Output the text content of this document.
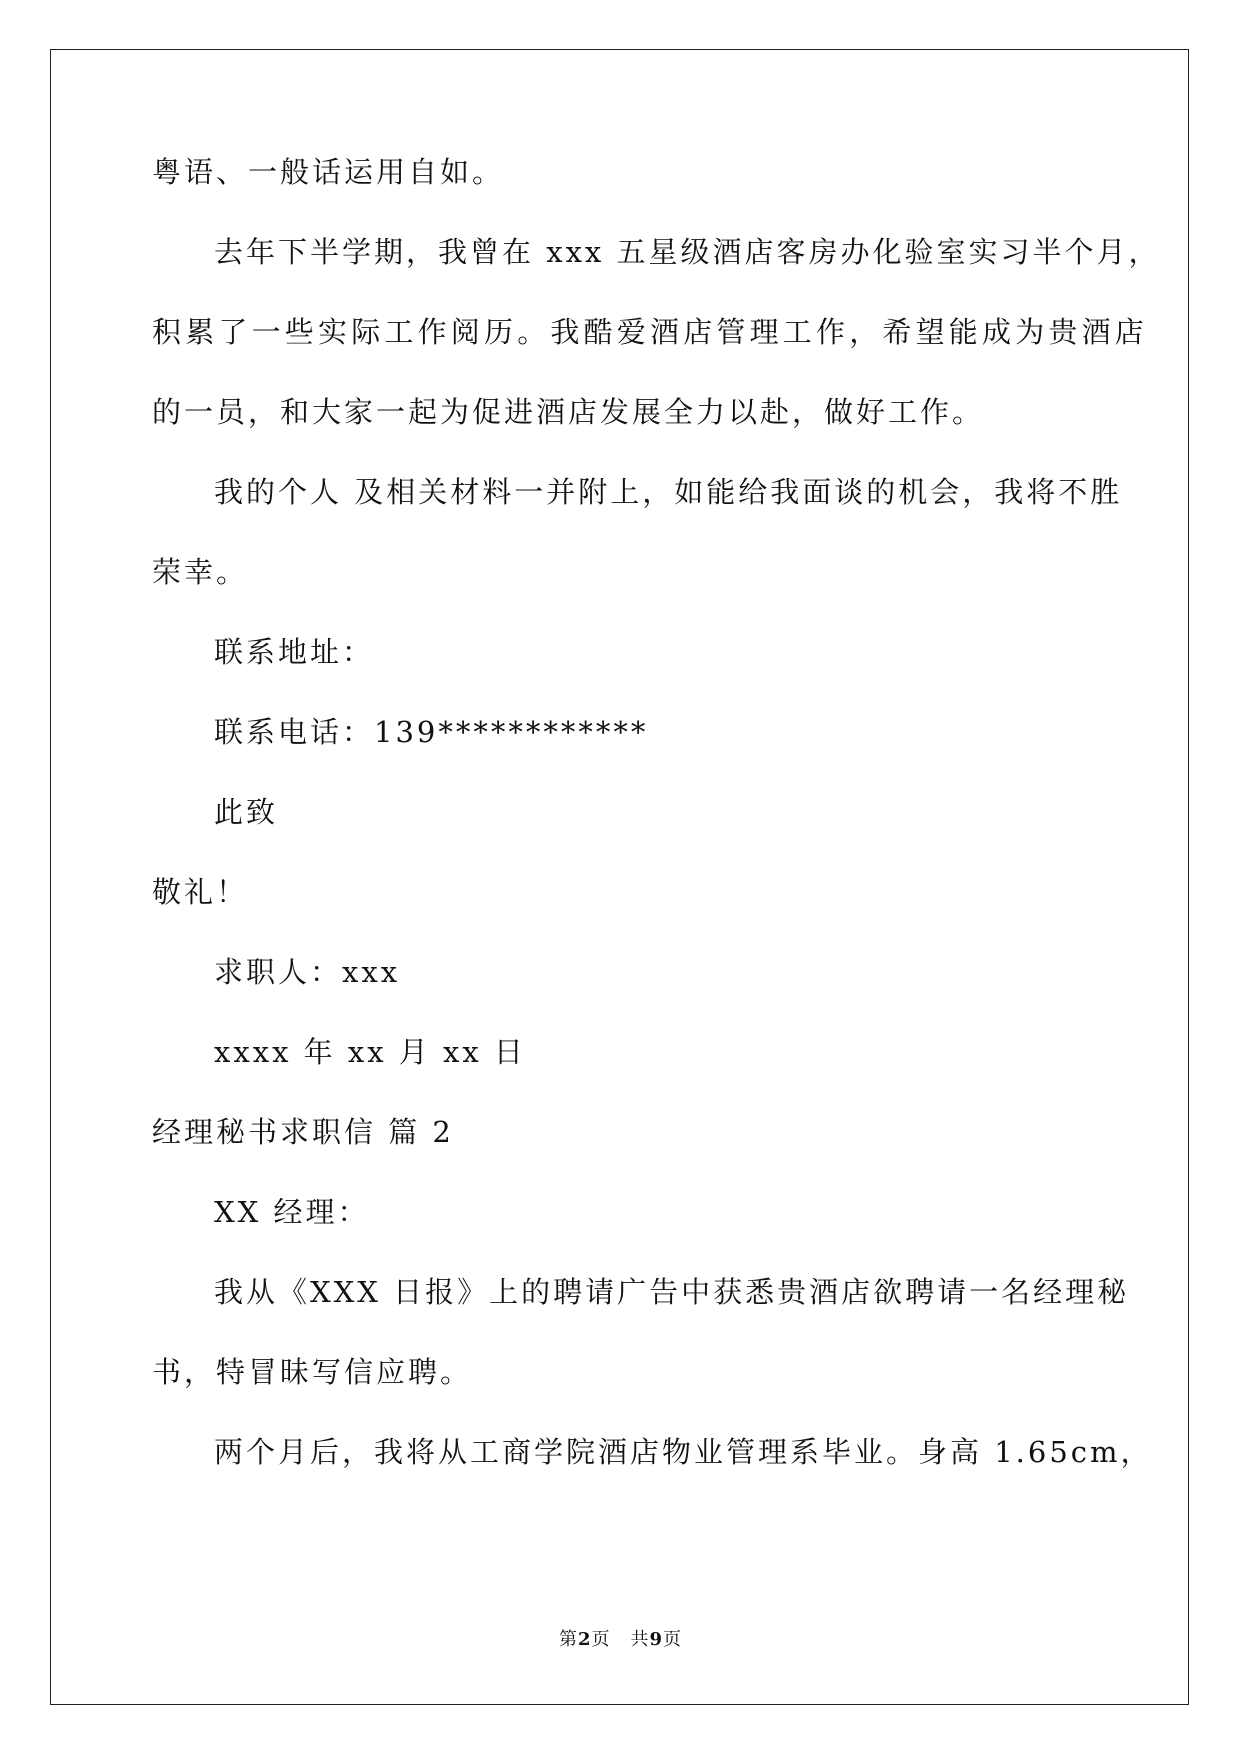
粤语、一般话运用自如。
去年下半学期，我曾在 xxx 五星级酒店客房办化验室实习半个月，
积累了一些实际工作阅历。我酷爱酒店管理工作，希望能成为贵酒店
的一员，和大家一起为促进酒店发展全力以赴，做好工作。
我的个人 及相关材料一并附上，如能给我面谈的机会，我将不胜
荣幸。
联系地址：
联系电话：139************
此致
敬礼！
求职人：xxx
xxxx 年 xx 月 xx 日
经理秘书求职信 篇 2
XX 经理：
我从《XXX 日报》上的聘请广告中获悉贵酒店欲聘请一名经理秘
书，特冒昧写信应聘。
两个月后，我将从工商学院酒店物业管理系毕业。身高 1.65cm，
第2页 共9页
